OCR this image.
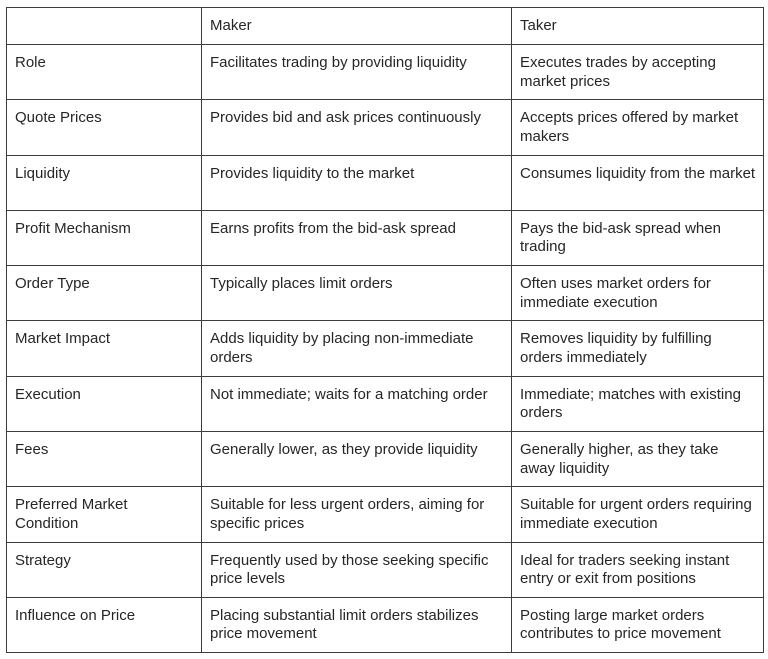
	Maker	Taker
Role	Facilitates trading by providing liquidity	Executes trades by accepting market prices
Quote Prices	Provides bid and ask prices continuously	Accepts prices offered by market makers
Liquidity	Provides liquidity to the market	Consumes liquidity from the market
Profit Mechanism	Earns profits from the bid-ask spread	Pays the bid-ask spread when trading
Order Type	Typically places limit orders	Often uses market orders for immediate execution
Market Impact	Adds liquidity by placing non-immediate orders	Removes liquidity by fulfilling orders immediately
Execution	Not immediate; waits for a matching order	Immediate; matches with existing orders
Fees	Generally lower, as they provide liquidity	Generally higher, as they take away liquidity
Preferred Market Condition	Suitable for less urgent orders, aiming for specific prices	Suitable for urgent orders requiring immediate execution
Strategy	Frequently used by those seeking specific price levels	Ideal for traders seeking instant entry or exit from positions
Influence on Price	Placing substantial limit orders stabilizes price movement	Posting large market orders contributes to price movement
